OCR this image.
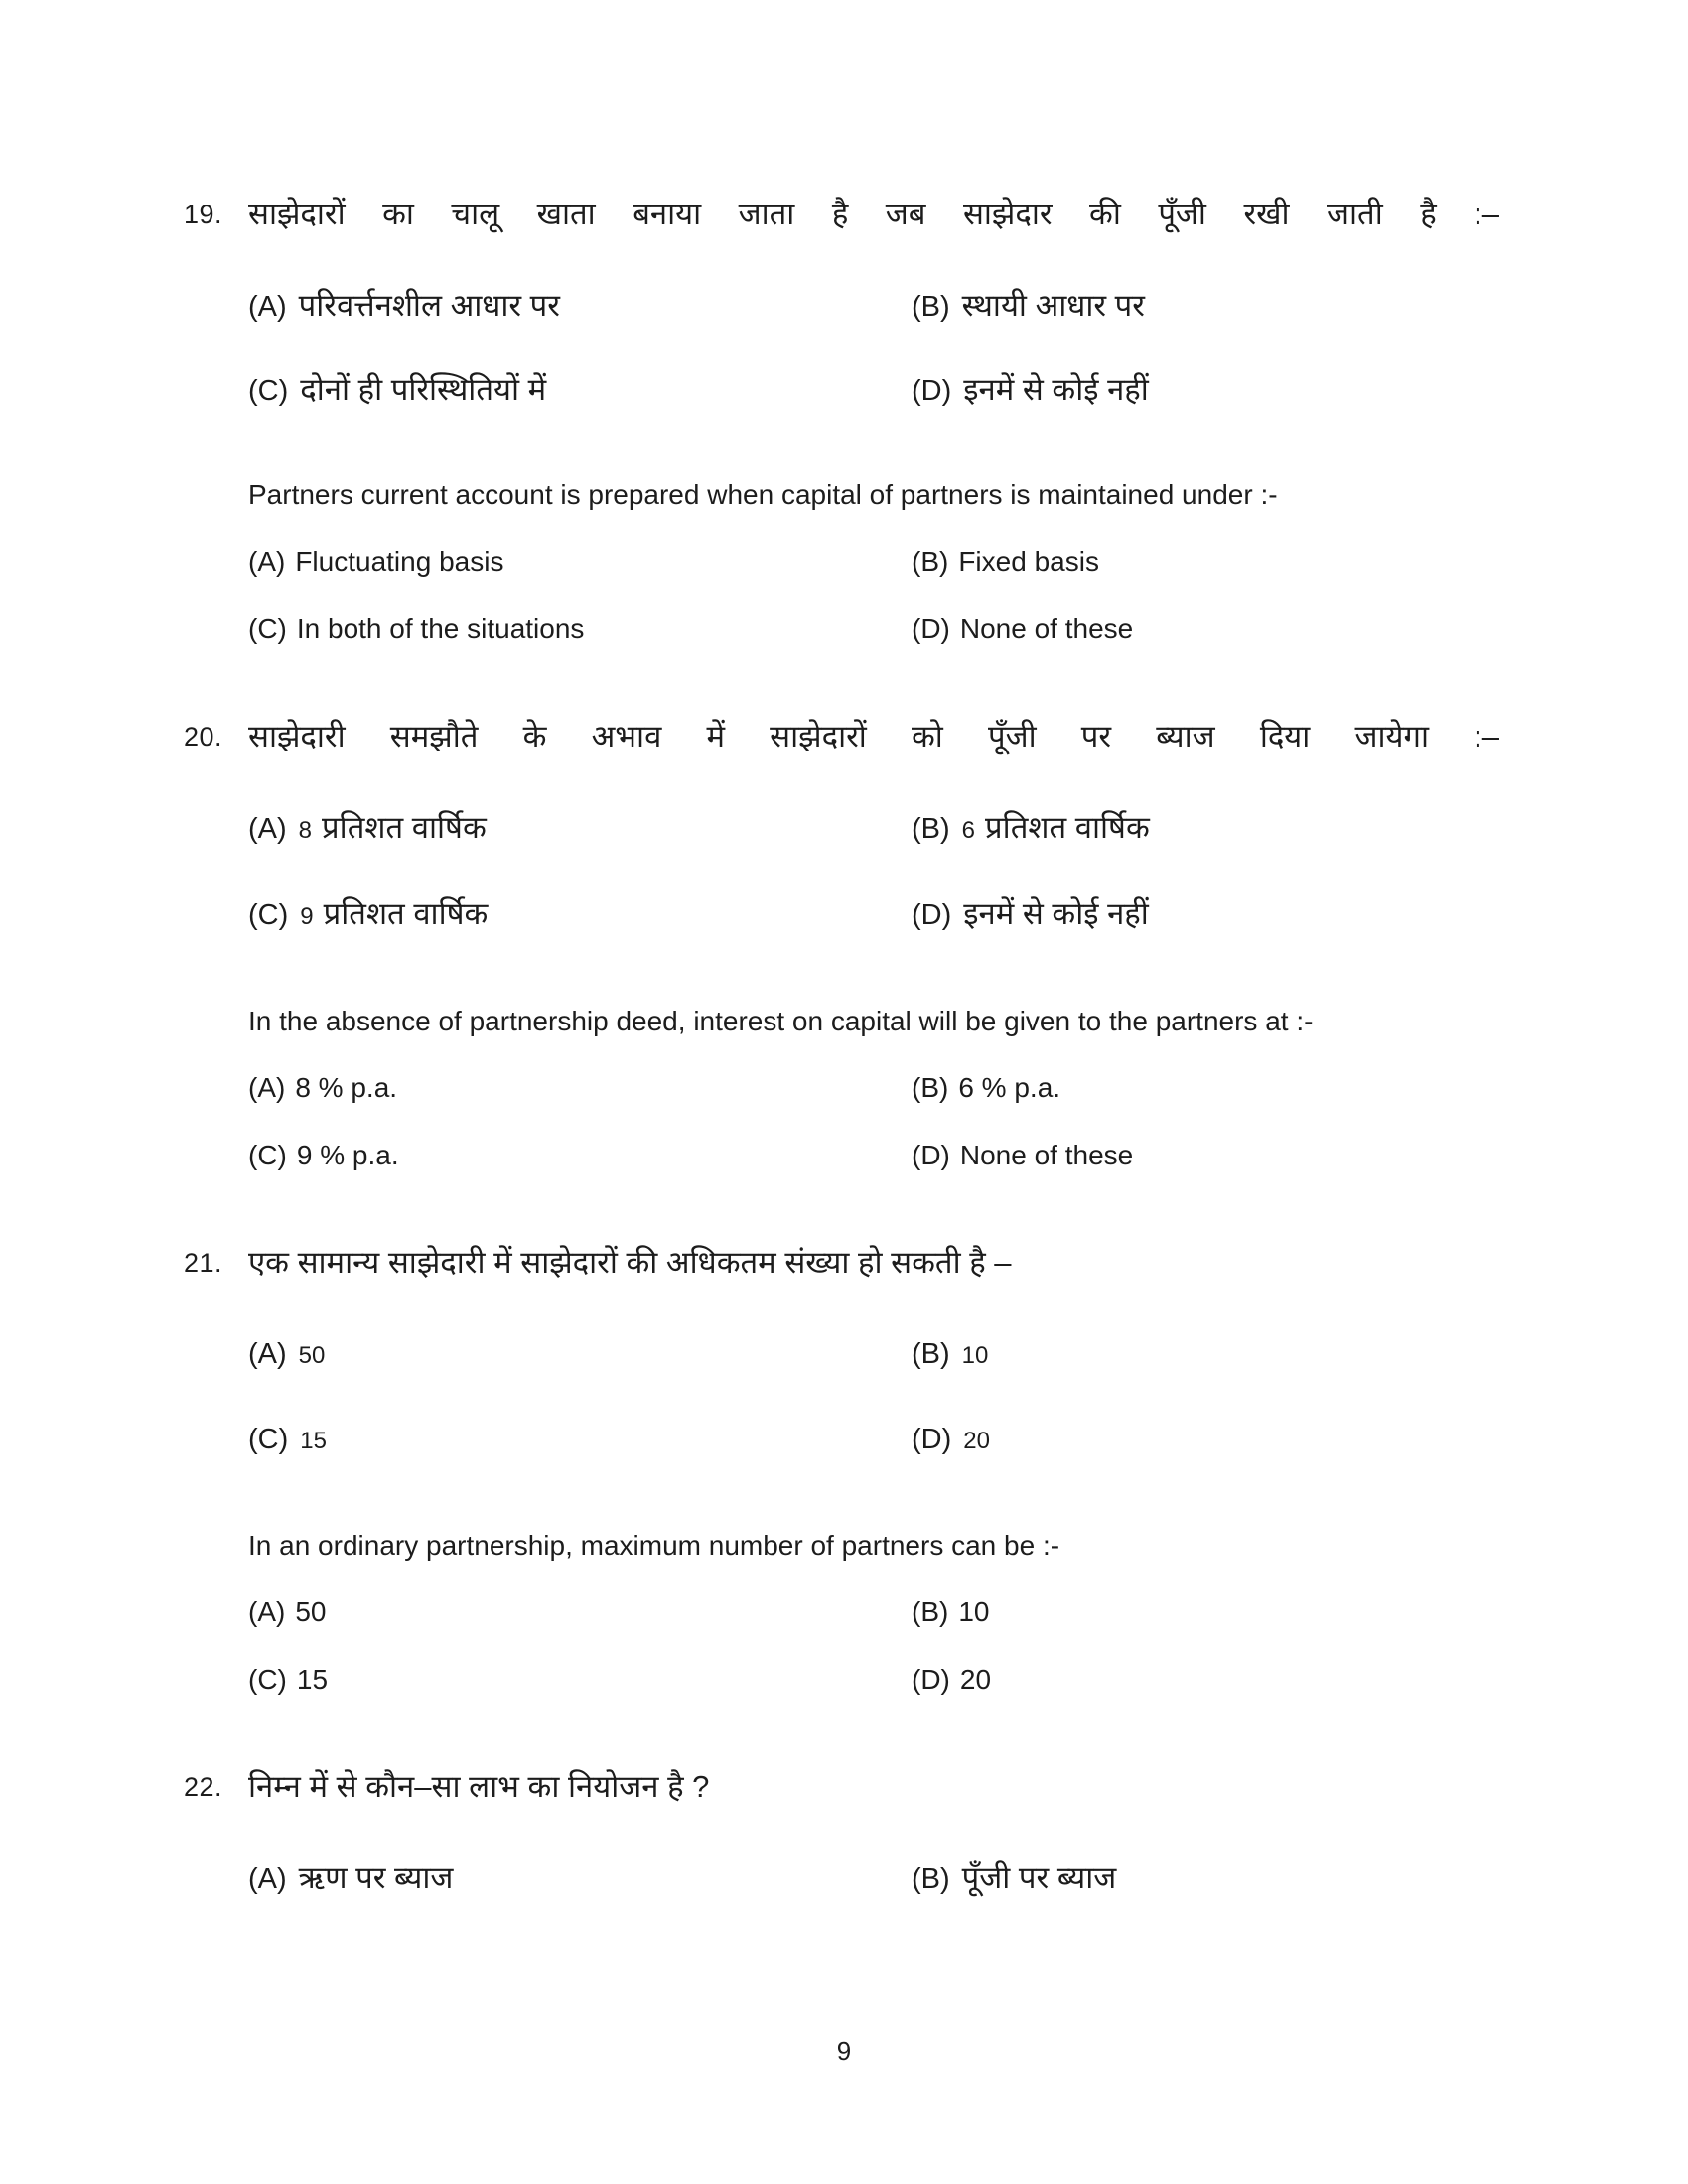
19. साझेदारों का चालू खाता बनाया जाता है जब साझेदार की पूँजी रखी जाती है :–
(A) परिवर्त्तनशील आधार पर	(B) स्थायी आधार पर
(C) दोनों ही परिस्थितियों में	(D) इनमें से कोई नहीं
Partners current account is prepared when capital of partners is maintained under :-
(A) Fluctuating basis	(B) Fixed basis
(C) In both of the situations	(D) None of these
20. साझेदारी समझौते के अभाव में साझेदारों को पूँजी पर ब्याज दिया जायेगा :–
(A) 8 प्रतिशत वार्षिक	(B) 6 प्रतिशत वार्षिक
(C) 9 प्रतिशत वार्षिक	(D) इनमें से कोई नहीं
In the absence of partnership deed, interest on capital will be given to the partners at :-
(A) 8 % p.a.	(B) 6 % p.a.
(C) 9 % p.a.	(D) None of these
21. एक सामान्य साझेदारी में साझेदारों की अधिकतम संख्या हो सकती है –
(A) 50	(B) 10
(C) 15	(D) 20
In an ordinary partnership, maximum number of partners can be :-
(A) 50	(B) 10
(C) 15	(D) 20
22. निम्न में से कौन–सा लाभ का नियोजन है ?
(A) ऋण पर ब्याज	(B) पूँजी पर ब्याज
9
